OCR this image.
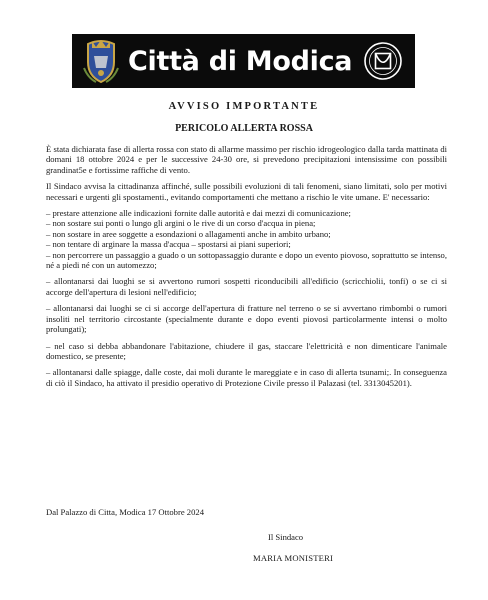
Città di Modica
AVVISO IMPORTANTE
PERICOLO ALLERTA ROSSA

È stata dichiarata fase di allerta rossa con stato di allarme massimo per rischio idrogeologico dalla tarda mattinata di domani 18 ottobre 2024 e per le successive 24-30 ore, si prevedono precipitazioni intensissime con possibili grandinat5e e fortissime raffiche di vento.

Il Sindaco avvisa la cittadinanza affinché, sulle possibili evoluzioni di tali fenomeni, siano limitati, solo per motivi necessari e urgenti gli spostamenti., evitando comportamenti che mettano a rischio le vite umane. E' necessario:

– prestare attenzione alle indicazioni fornite dalle autorità e dai mezzi di comunicazione;

– non sostare sui ponti o lungo gli argini o le rive di un corso d'acqua in piena;

– non sostare in aree soggette a esondazioni o allagamenti anche in ambito urbano;

– non tentare di arginare la massa d'acqua – spostarsi ai piani superiori;

– non percorrere un passaggio a guado o un sottopassaggio durante e dopo un evento piovoso, soprattutto se intenso, né a piedi né con un automezzo;

– allontanarsi dai luoghi se si avvertono rumori sospetti riconducibili all'edificio (scricchiolii, tonfi) o se ci si accorge dell'apertura di lesioni nell'edificio;

– allontanarsi dai luoghi se ci si accorge dell'apertura di fratture nel terreno o se si avvertano rimbombi o rumori insoliti nel territorio circostante (specialmente durante e dopo eventi piovosi particolarmente intensi o molto prolungati);

– nel caso si debba abbandonare l'abitazione, chiudere il gas, staccare l'elettricità e non dimenticare l'animale domestico, se presente;

– allontanarsi dalle spiagge, dalle coste, dai moli durante le mareggiate e in caso di allerta tsunami;. In conseguenza di ciò il Sindaco, ha attivato il presidio operativo di Protezione Civile presso il Palazasi (tel. 3313045201).

Dal Palazzo di Citta, Modica 17 Ottobre 2024

Il Sindaco

MARIA MONISTERI
